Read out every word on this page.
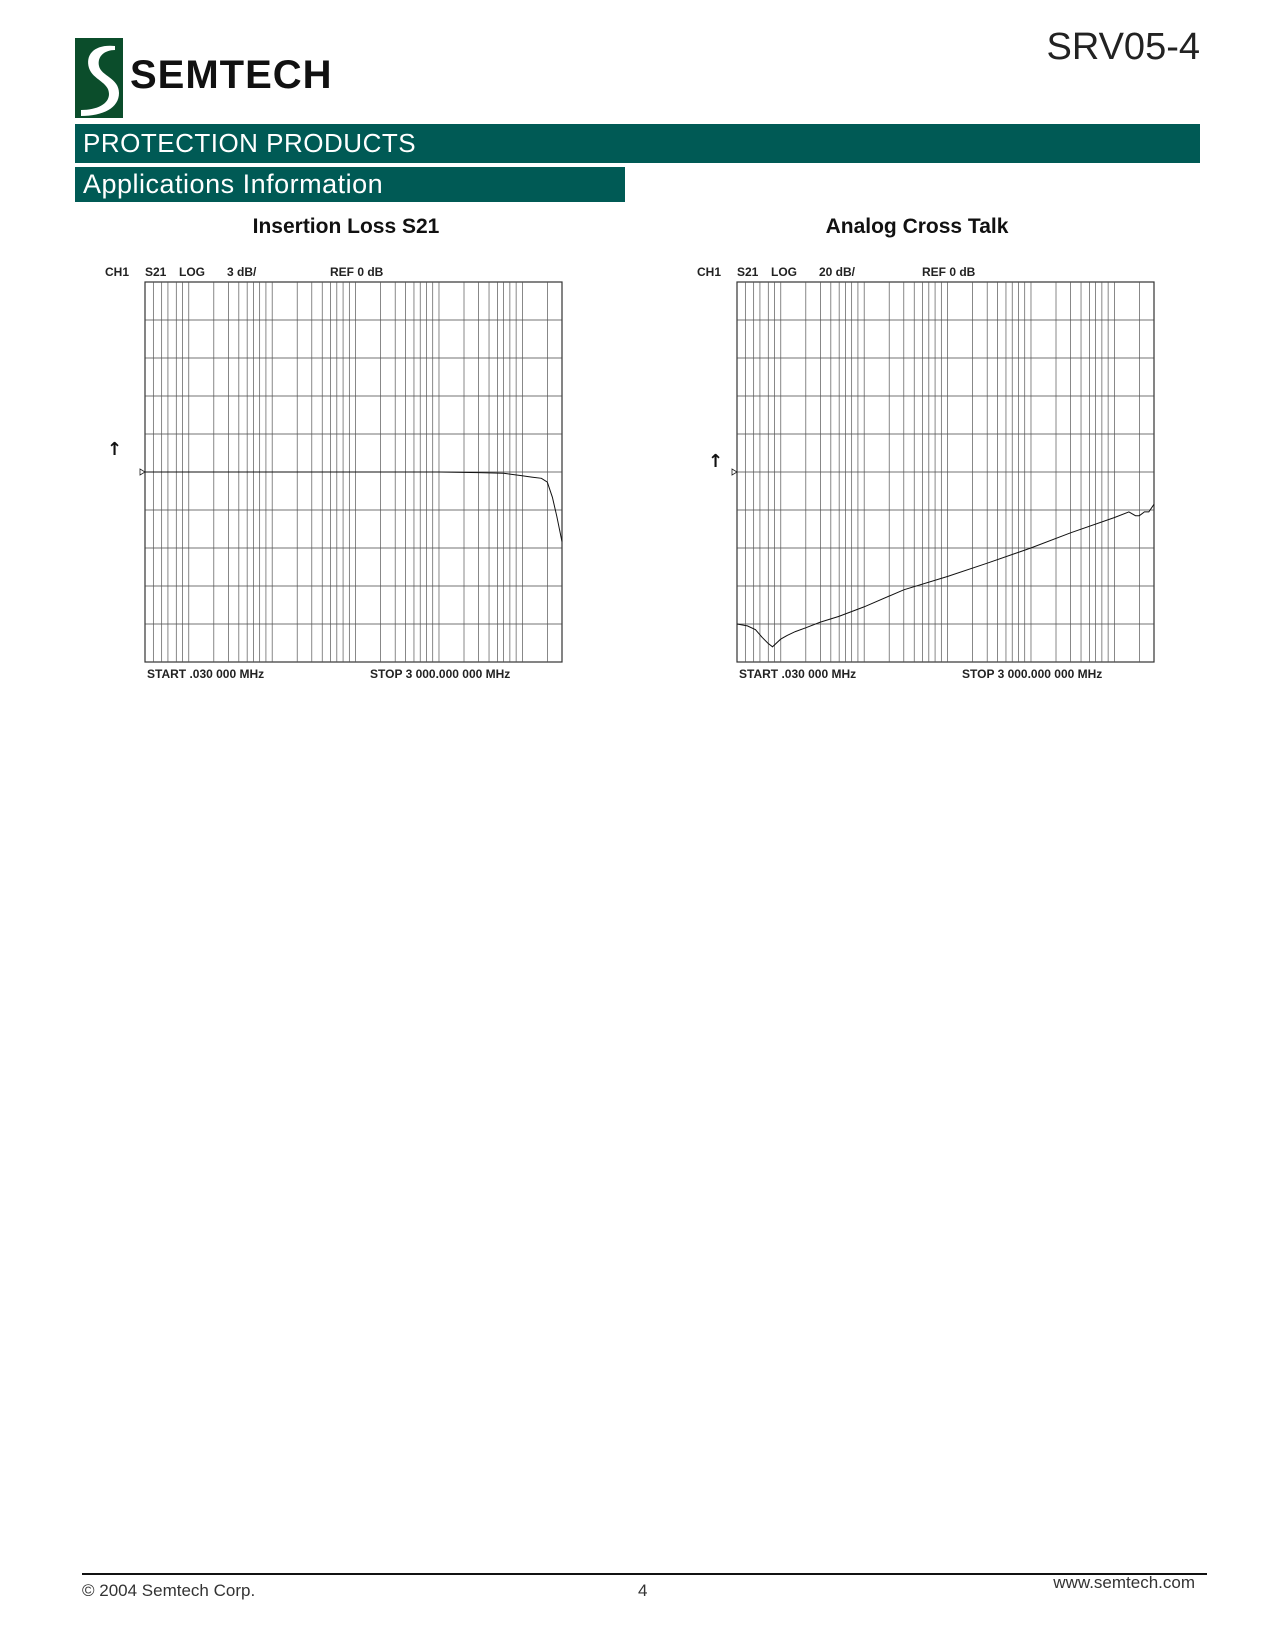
SEMTECH
SRV05-4
PROTECTION PRODUCTS
Applications Information
Insertion Loss S21	Analog Cross Talk
CH1 S21 LOG 3 dB/	REF 0 dB
START .030 000 MHz	STOP 3 000.000 000 MHz
↑
CH1 S21 LOG 20 dB/	REF 0 dB
START .030 000 MHz	STOP 3 000.000 000 MHz
↑
© 2004 Semtech Corp.	4	www.semtech.com
